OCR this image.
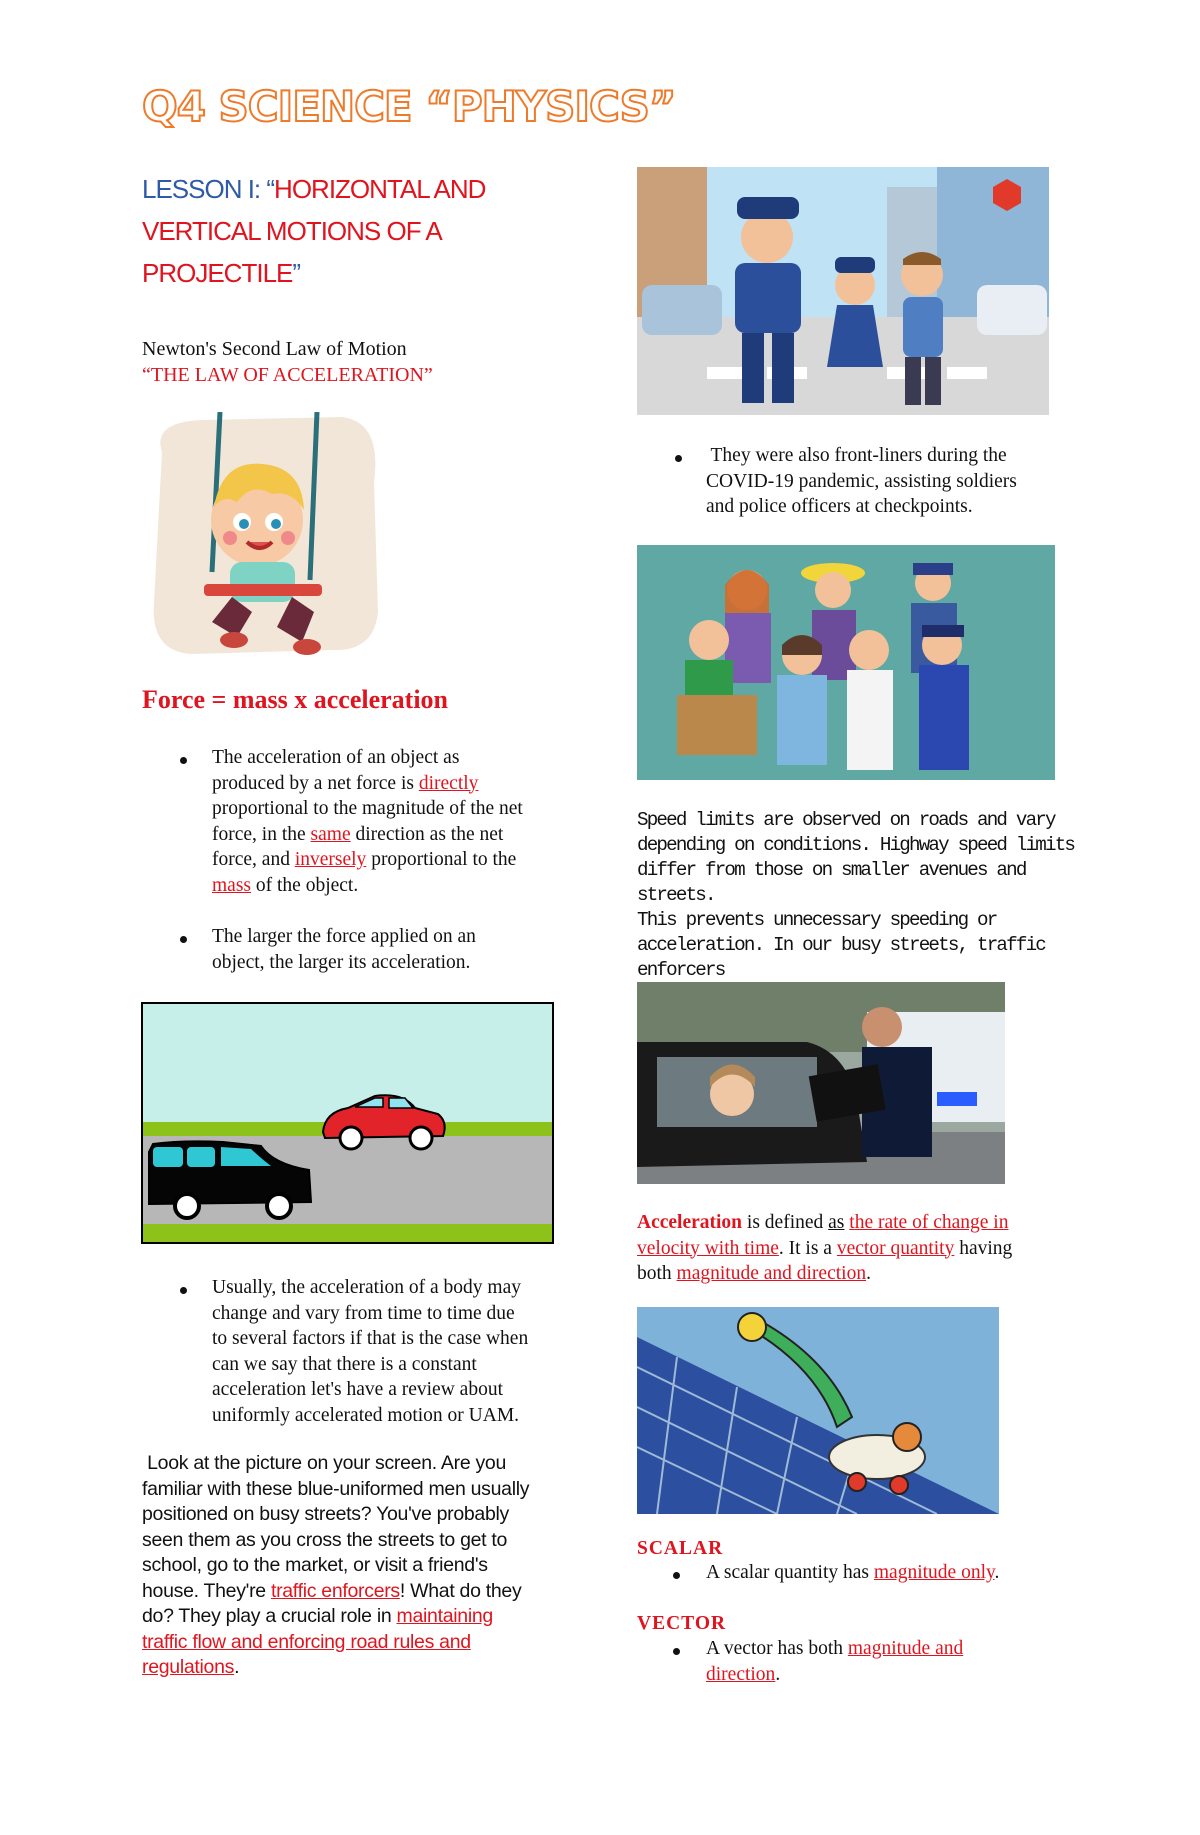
Q4 SCIENCE “PHYSICS”
LESSON I: “HORIZONTAL AND
VERTICAL MOTIONS OF A
PROJECTILE”
Newton's Second Law of Motion
“THE LAW OF ACCELERATION”
Force = mass x acceleration
The acceleration of an object as
produced by a net force is directly
proportional to the magnitude of the net
force, in the same direction as the net
force, and inversely proportional to the
mass of the object.
The larger the force applied on an
object, the larger its acceleration.
Usually, the acceleration of a body may
change and vary from time to time due
to several factors if that is the case when
can we say that there is a constant
acceleration let's have a review about
uniformly accelerated motion or UAM.
Look at the picture on your screen. Are you
familiar with these blue-uniformed men usually
positioned on busy streets? You've probably
seen them as you cross the streets to get to
school, go to the market, or visit a friend's
house. They're traffic enforcers! What do they
do? They play a crucial role in maintaining
traffic flow and enforcing road rules and
regulations.
They were also front-liners during the
COVID-19 pandemic, assisting soldiers
and police officers at checkpoints.
Speed limits are observed on roads and vary
depending on conditions. Highway speed limits
differ from those on smaller avenues and streets.
This prevents unnecessary speeding or
acceleration. In our busy streets, traffic enforcers

Acceleration is defined as the rate of change in
velocity with time. It is a vector quantity having
both magnitude and direction.
SCALAR
A scalar quantity has magnitude only.
VECTOR
A vector has both magnitude and
direction.
